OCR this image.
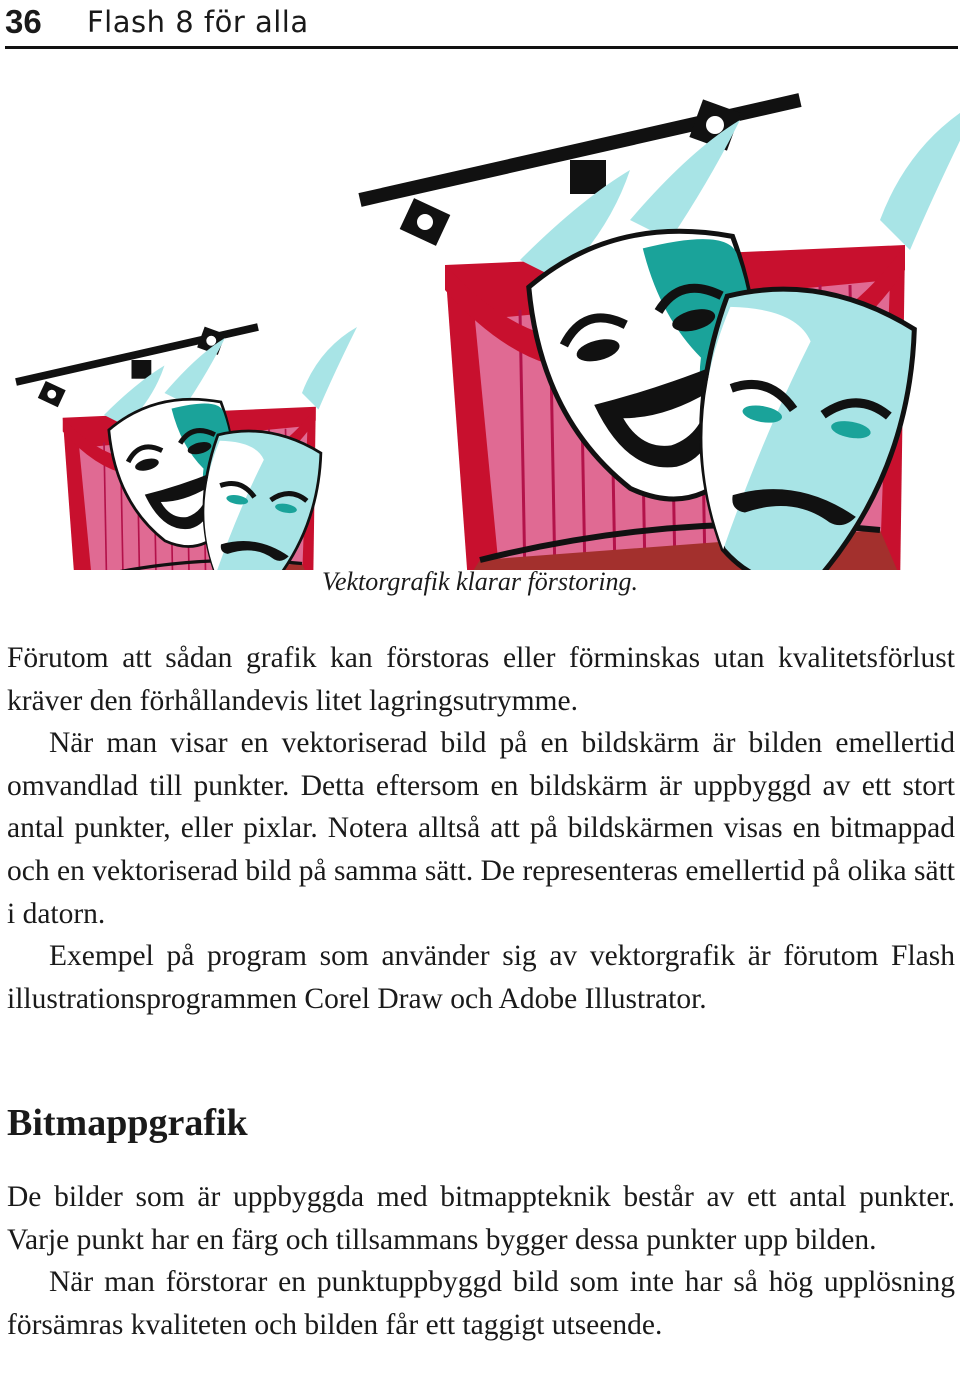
36 Flash 8 för alla
Vektorgrafik klarar förstoring.

Förutom att sådan grafik kan förstoras eller förminskas utan kvalitetsförlust kräver den förhållandevis litet lagringsutrymme.

När man visar en vektoriserad bild på en bildskärm är bilden emellertid omvandlad till punkter. Detta eftersom en bildskärm är uppbyggd av ett stort antal punkter, eller pixlar. Notera alltså att på bildskärmen visas en bitmappad och en vektoriserad bild på samma sätt. De representeras emellertid på olika sätt i datorn.

Exempel på program som använder sig av vektorgrafik är förutom Flash illustrationsprogrammen Corel Draw och Adobe Illustrator.

Bitmappgrafik

De bilder som är uppbyggda med bitmappteknik består av ett antal punkter. Varje punkt har en färg och tillsammans bygger dessa punkter upp bilden.

När man förstorar en punktuppbyggd bild som inte har så hög upplösning försämras kvaliteten och bilden får ett taggigt utseende.
